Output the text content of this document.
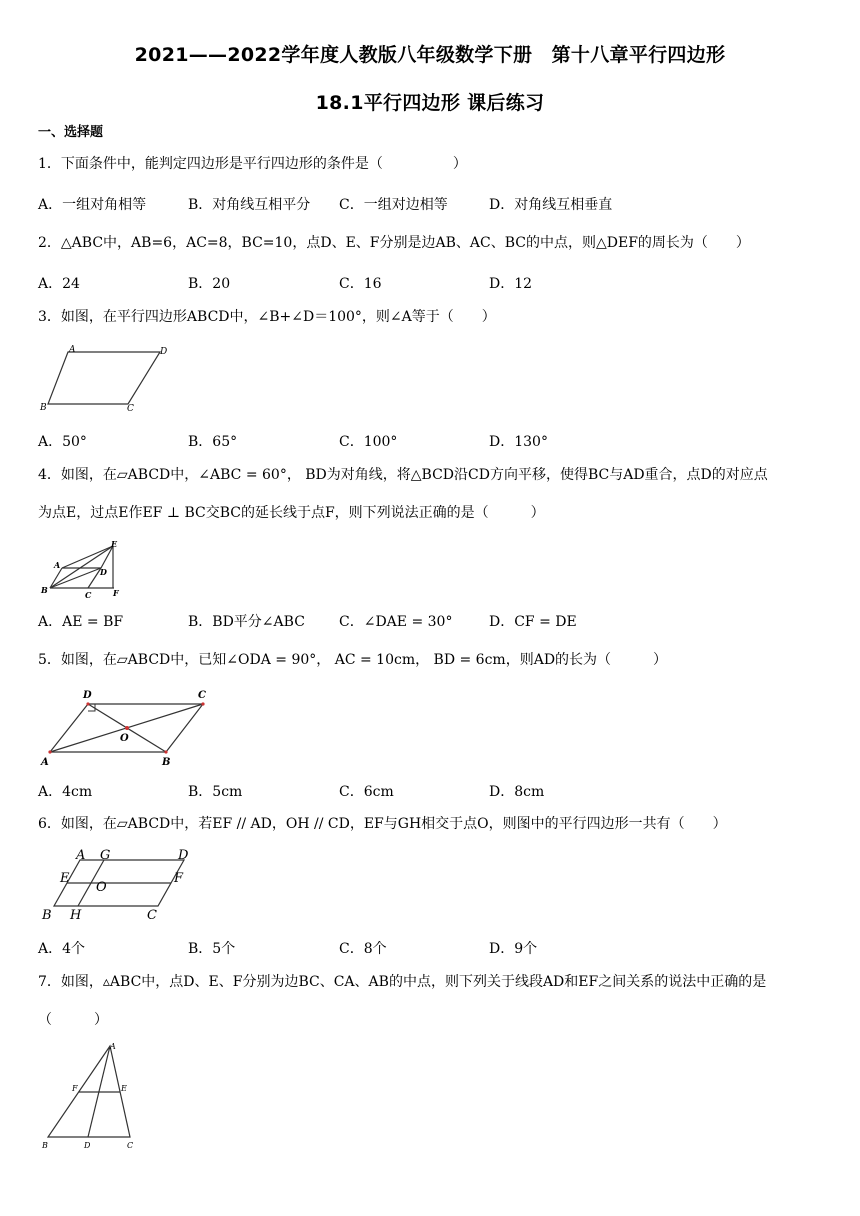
2021——2022学年度人教版八年级数学下册　第十八章平行四边形
18.1平行四边形 课后练习
一、选择题
1．下面条件中，能判定四边形是平行四边形的条件是（　　　　　）
A．一组对角相等	B．对角线互相平分 C．一组对边相等	D．对角线互相垂直
2．△ABC中，AB=6，AC=8，BC=10，点D、E、F分别是边AB、AC、BC的中点，则△DEF的周长为（　　）
A．24	B．20	C．16	D．12
3．如图，在平行四边形ABCD中，∠B+∠D＝100°，则∠A等于（　　）
A	D
B	C
A．50°	B．65°	C．100°	D．130°
4．如图，在▱ABCD中，∠ABC = 60°， BD为对角线，将△BCD沿CD方向平移，使得BC与AD重合，点D的对应点
为点E，过点E作EF ⊥ BC交BC的延长线于点F，则下列说法正确的是（　　　）
E
A
D
B	C	F
A．AE = BF	B．BD平分∠ABC C．∠DAE = 30°	D．CF = DE
5．如图，在▱ABCD中，已知∠ODA = 90°， AC = 10cm， BD = 6cm，则AD的长为（　　　）
D	C
O
A	B
A．4cm	B．5cm	C．6cm	D．8cm
6．如图，在▱ABCD中，若EF // AD，OH // CD，EF与GH相交于点O，则图中的平行四边形一共有（　　）
A G	D
E
O
F
B H	C
A．4个	B．5个	C．8个	D．9个
7．如图，▵ABC中，点D、E、F分别为边BC、CA、AB的中点，则下列关于线段AD和EF之间关系的说法中正确的是
（　　　）
A
F	E
B	D	C
